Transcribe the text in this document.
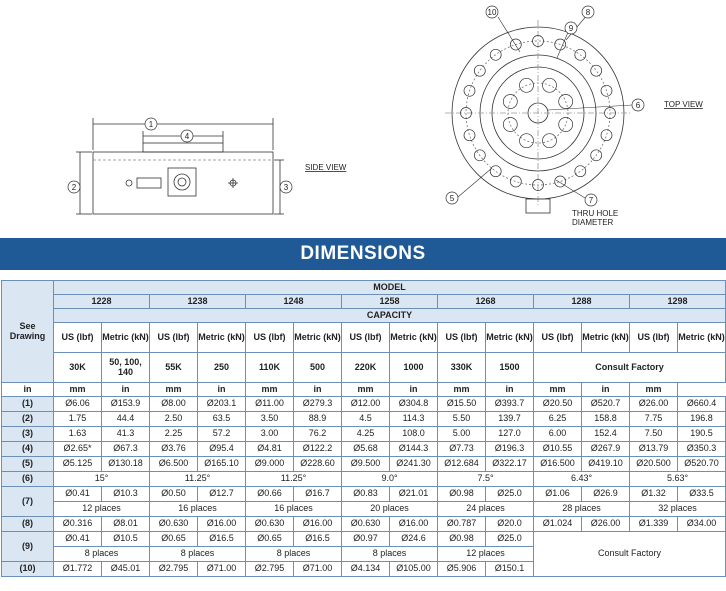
1
4
2	3
SIDE VIEW
10	8
9
6
7
5
TOP VIEW
THRU HOLE
DIAMETER
DIMENSIONS
See Drawing	MODEL													
	1228		1238		1248		1258		1268		1288		1298	
	CAPACITY													
	US (lbf)	Metric (kN)	US (lbf)	Metric (kN)	US (lbf)	Metric (kN)	US (lbf)	Metric (kN)	US (lbf)	Metric (kN)	US (lbf)	Metric (kN)	US (lbf)	Metric (kN)
	30K	50, 100, 140	55K	250	110K	500	220K	1000	330K	1500	Consult Factory			
in	mm	in	mm	in	mm	in	mm	in	mm	in	mm	in	mm	
(1)	Ø6.06	Ø153.9	Ø8.00	Ø203.1	Ø11.00	Ø279.3	Ø12.00	Ø304.8	Ø15.50	Ø393.7	Ø20.50	Ø520.7	Ø26.00	Ø660.4
(2)	1.75	44.4	2.50	63.5	3.50	88.9	4.5	114.3	5.50	139.7	6.25	158.8	7.75	196.8
(3)	1.63	41.3	2.25	57.2	3.00	76.2	4.25	108.0	5.00	127.0	6.00	152.4	7.50	190.5
(4)	Ø2.65*	Ø67.3	Ø3.76	Ø95.4	Ø4.81	Ø122.2	Ø5.68	Ø144.3	Ø7.73	Ø196.3	Ø10.55	Ø267.9	Ø13.79	Ø350.3
(5)	Ø5.125	Ø130.18	Ø6.500	Ø165.10	Ø9.000	Ø228.60	Ø9.500	Ø241.30	Ø12.684	Ø322.17	Ø16.500	Ø419.10	Ø20.500	Ø520.70
(6)	15°		11.25°		11.25°		9.0°		7.5°		6.43°		5.63°	
(7)	Ø0.41	Ø10.3	Ø0.50	Ø12.7	Ø0.66	Ø16.7	Ø0.83	Ø21.01	Ø0.98	Ø25.0	Ø1.06	Ø26.9	Ø1.32	Ø33.5
	12 places		16 places		16 places		20 places		24 places		28 places		32 places	
(8)	Ø0.316	Ø8.01	Ø0.630	Ø16.00	Ø0.630	Ø16.00	Ø0.630	Ø16.00	Ø0.787	Ø20.0	Ø1.024	Ø26.00	Ø1.339	Ø34.00
(9)	Ø0.41	Ø10.5	Ø0.65	Ø16.5	Ø0.65	Ø16.5	Ø0.97	Ø24.6	Ø0.98	Ø25.0	Consult Factory			
	8 places		8 places		8 places		8 places		12 places					
(10)	Ø1.772	Ø45.01	Ø2.795	Ø71.00	Ø2.795	Ø71.00	Ø4.134	Ø105.00	Ø5.906	Ø150.1				
